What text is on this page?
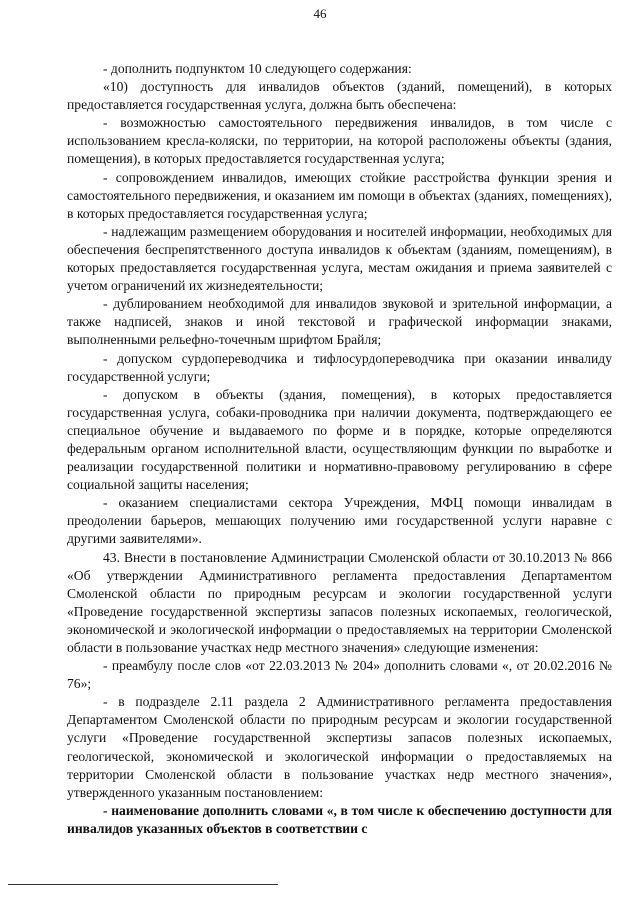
46

- дополнить подпунктом 10 следующего содержания:

«10) доступность для инвалидов объектов (зданий, помещений), в которых предоставляется государственная услуга, должна быть обеспечена:

- возможностью самостоятельного передвижения инвалидов, в том числе с использованием кресла-коляски, по территории, на которой расположены объекты (здания, помещения), в которых предоставляется государственная услуга;

- сопровождением инвалидов, имеющих стойкие расстройства функции зрения и самостоятельного передвижения, и оказанием им помощи в объектах (зданиях, помещениях), в которых предоставляется государственная услуга;

- надлежащим размещением оборудования и носителей информации, необходимых для обеспечения беспрепятственного доступа инвалидов к объектам (зданиям, помещениям), в которых предоставляется государственная услуга, местам ожидания и приема заявителей с учетом ограничений их жизнедеятельности;

- дублированием необходимой для инвалидов звуковой и зрительной информации, а также надписей, знаков и иной текстовой и графической информации знаками, выполненными рельефно-точечным шрифтом Брайля;

- допуском сурдопереводчика и тифлосурдопереводчика при оказании инвалиду государственной услуги;

- допуском в объекты (здания, помещения), в которых предоставляется государственная услуга, собаки-проводника при наличии документа, подтверждающего ее специальное обучение и выдаваемого по форме и в порядке, которые определяются федеральным органом исполнительной власти, осуществляющим функции по выработке и реализации государственной политики и нормативно-правовому регулированию в сфере социальной защиты населения;

- оказанием специалистами сектора Учреждения, МФЦ помощи инвалидам в преодолении барьеров, мешающих получению ими государственной услуги наравне с другими заявителями».

43. Внести в постановление Администрации Смоленской области от 30.10.2013 № 866 «Об утверждении Административного регламента предоставления Департаментом Смоленской области по природным ресурсам и экологии государственной услуги «Проведение государственной экспертизы запасов полезных ископаемых, геологической, экономической и экологической информации о предоставляемых на территории Смоленской области в пользование участках недр местного значения» следующие изменения:

- преамбулу после слов «от 22.03.2013 № 204» дополнить словами «, от 20.02.2016 № 76»;

- в подразделе 2.11 раздела 2 Административного регламента предоставления Департаментом Смоленской области по природным ресурсам и экологии государственной услуги «Проведение государственной экспертизы запасов полезных ископаемых, геологической, экономической и экологической информации о предоставляемых на территории Смоленской области в пользование участках недр местного значения», утвержденного указанным постановлением:

- наименование дополнить словами «, в том числе к обеспечению доступности для инвалидов указанных объектов в соответствии с
